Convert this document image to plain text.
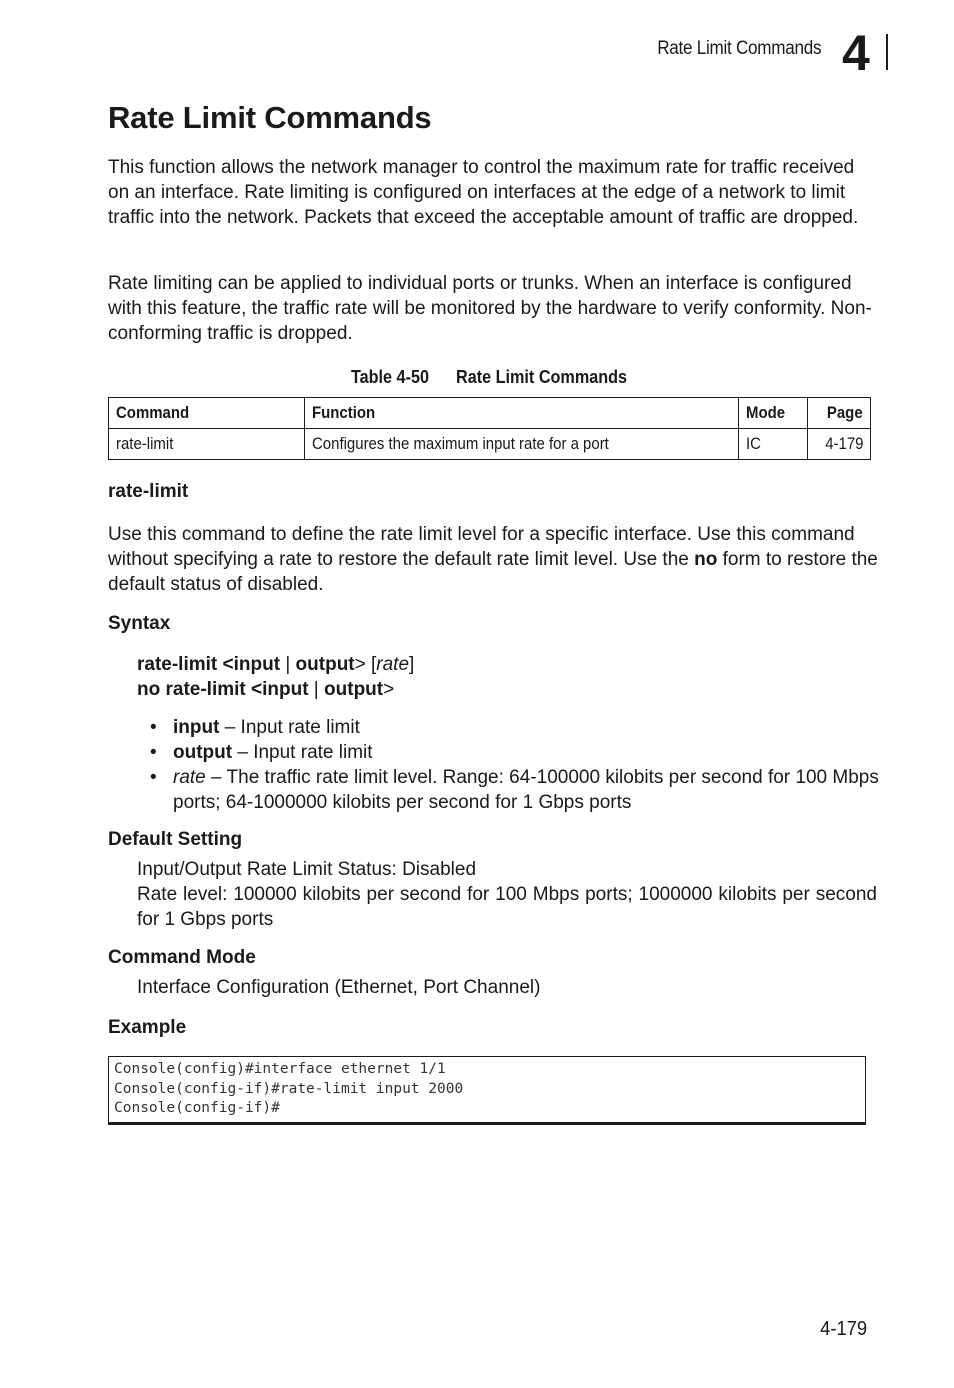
Rate Limit Commands 4
Rate Limit Commands
This function allows the network manager to control the maximum rate for traffic received on an interface. Rate limiting is configured on interfaces at the edge of a network to limit traffic into the network. Packets that exceed the acceptable amount of traffic are dropped.
Rate limiting can be applied to individual ports or trunks. When an interface is configured with this feature, the traffic rate will be monitored by the hardware to verify conformity. Non-conforming traffic is dropped.
Table 4-50 Rate Limit Commands
Command	Function	Mode	Page
rate-limit	Configures the maximum input rate for a port	IC	4-179
rate-limit
Use this command to define the rate limit level for a specific interface. Use this command without specifying a rate to restore the default rate limit level. Use the no form to restore the default status of disabled.
Syntax
rate-limit <input | output> [rate]
no rate-limit <input | output>
• input – Input rate limit
• output – Input rate limit
• rate – The traffic rate limit level. Range: 64-100000 kilobits per second for 100 Mbps ports; 64-1000000 kilobits per second for 1 Gbps ports
Default Setting
Input/Output Rate Limit Status: Disabled
Rate level: 100000 kilobits per second for 100 Mbps ports; 1000000 kilobits per second for 1 Gbps ports
Command Mode
Interface Configuration (Ethernet, Port Channel)
Example
Console(config)#interface ethernet 1/1
Console(config-if)#rate-limit input 2000
Console(config-if)#
4-179
